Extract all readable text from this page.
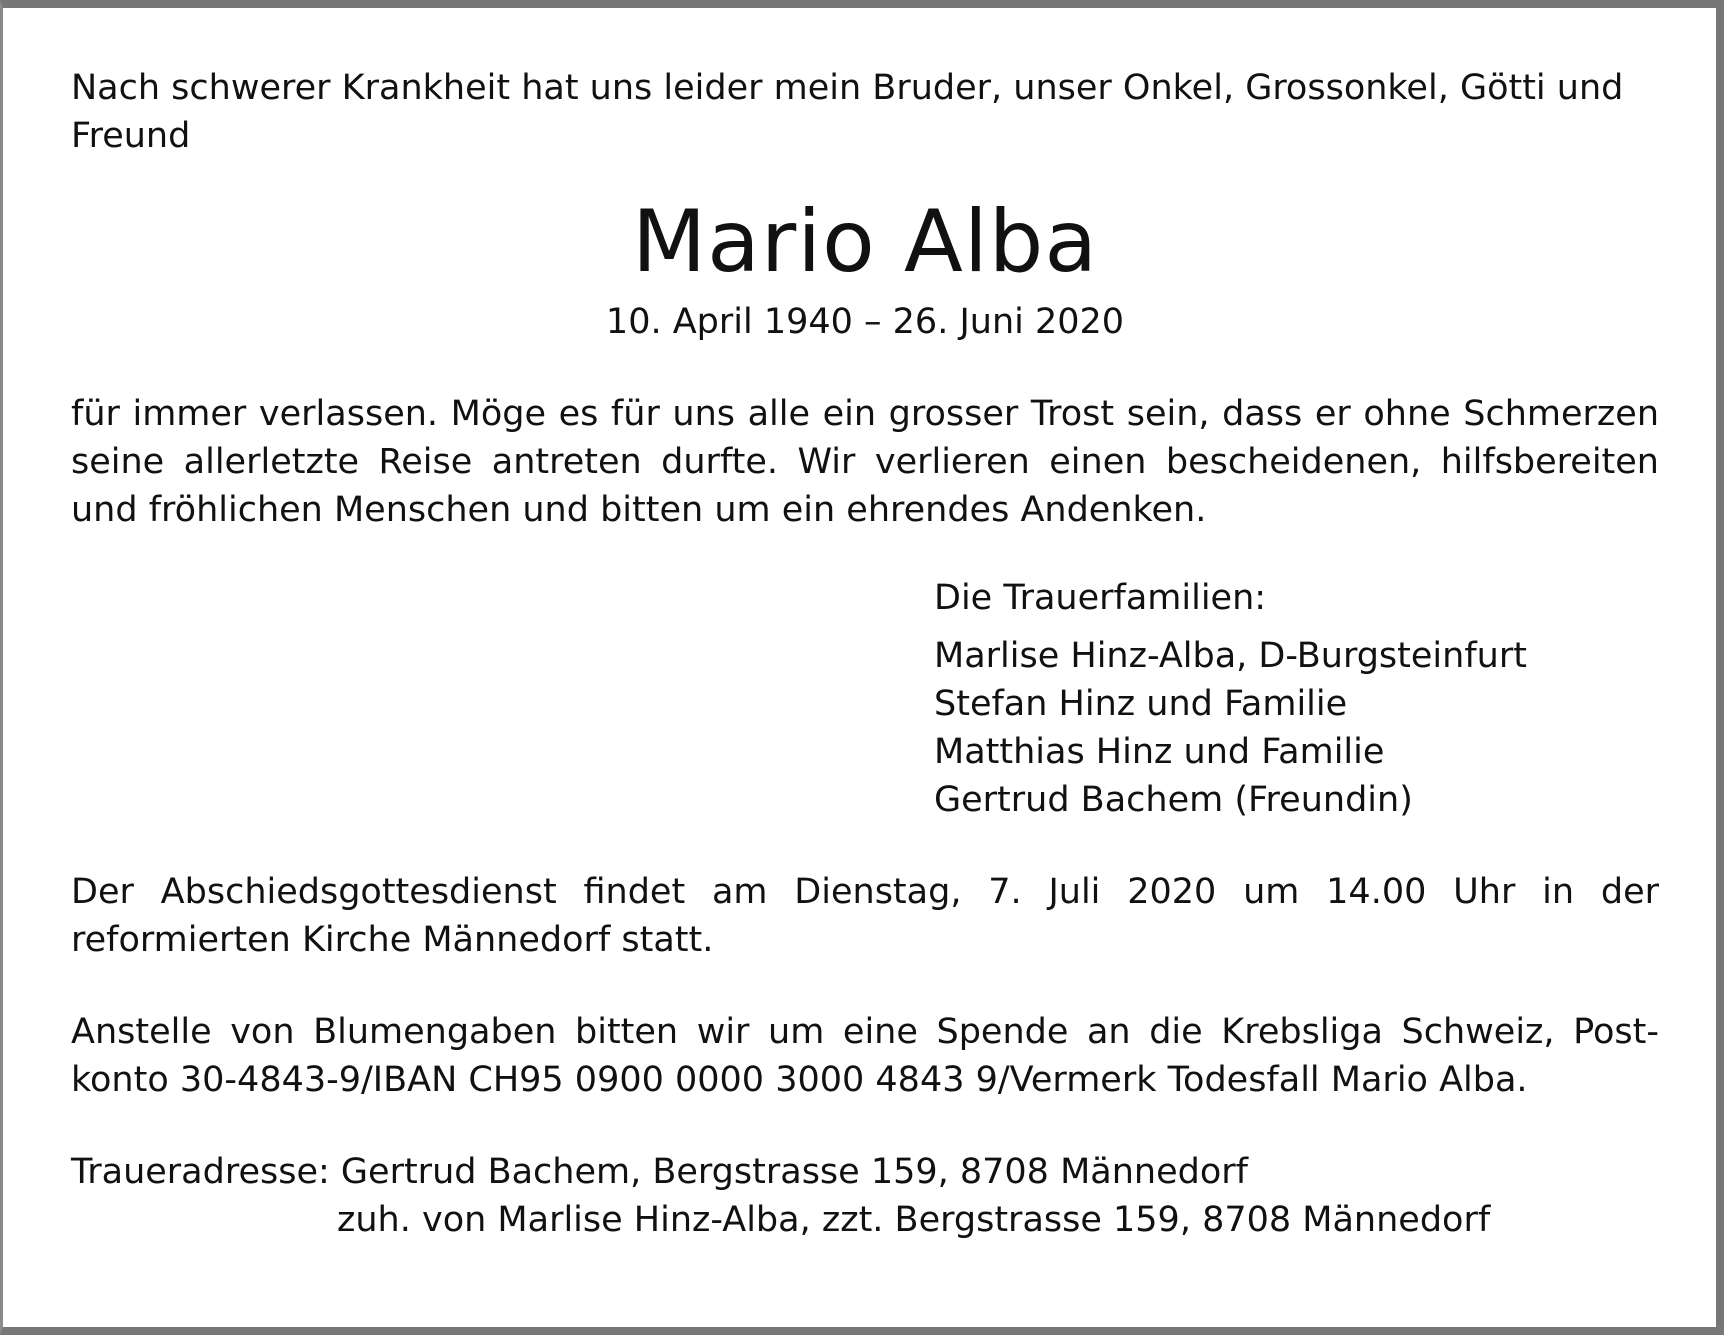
Nach schwerer Krankheit hat uns leider mein Bruder, unser Onkel, Grossonkel, Götti und Freund

Mario Alba

10. April 1940 – 26. Juni 2020

für immer verlassen. Möge es für uns alle ein grosser Trost sein, dass er ohne Schmerzen seine allerletzte Reise antreten durfte. Wir verlieren einen bescheidenen, hilfsbereiten und fröhlichen Menschen und bitten um ein ehrendes Andenken.

Die Trauerfamilien:
Marlise Hinz-Alba, D-Burgsteinfurt
Stefan Hinz und Familie
Matthias Hinz und Familie
Gertrud Bachem (Freundin)

Der Abschiedsgottesdienst findet am Dienstag, 7. Juli 2020 um 14.00 Uhr in der reformierten Kirche Männedorf statt.

Anstelle von Blumengaben bitten wir um eine Spende an die Krebsliga Schweiz, Post-
konto 30-4843-9/IBAN CH95 0900 0000 3000 4843 9/Vermerk Todesfall Mario Alba.
Traueradresse: Gertrud Bachem, Bergstrasse 159, 8708 Männedorf
zuh. von Marlise Hinz-Alba, zzt. Bergstrasse 159, 8708 Männedorf
